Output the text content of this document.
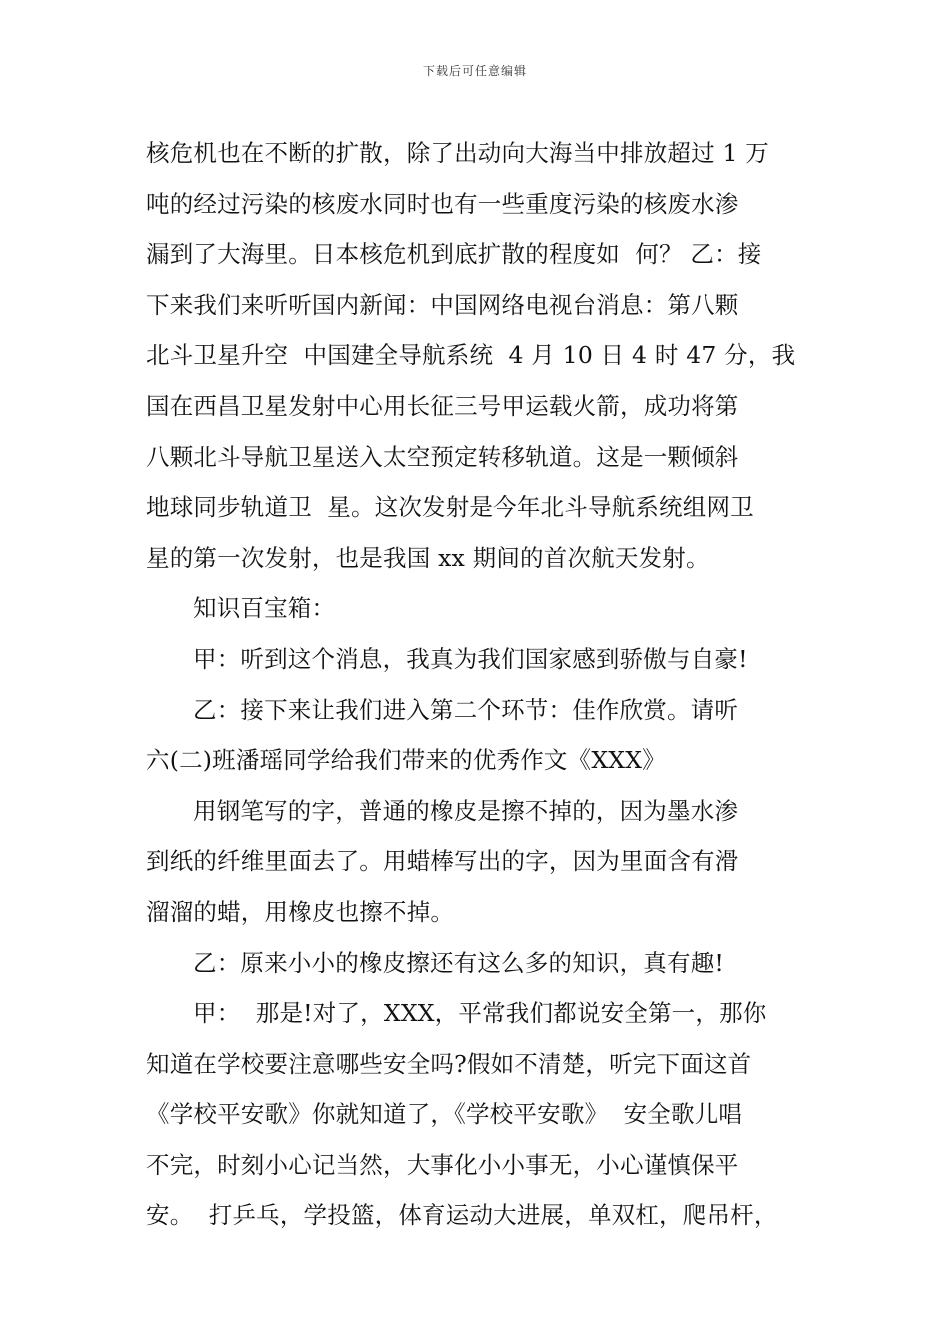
下载后可任意编辑

核危机也在不断的扩散，除了出动向大海当中排放超过 1 万
吨的经过污染的核废水同时也有一些重度污染的核废水渗
漏到了大海里。日本核危机到底扩散的程度如  何？ 乙：接
下来我们来听听国内新闻：中国网络电视台消息：第八颗
北斗卫星升空  中国建全导航系统  4 月 10 日 4 时 47 分，我
国在西昌卫星发射中心用长征三号甲运载火箭，成功将第
八颗北斗导航卫星送入太空预定转移轨道。这是一颗倾斜
地球同步轨道卫  星。这次发射是今年北斗导航系统组网卫
星的第一次发射，也是我国 xx 期间的首次航天发射。

知识百宝箱：

甲：听到这个消息，我真为我们国家感到骄傲与自豪!

乙：接下来让我们进入第二个环节：佳作欣赏。请听
六(二)班潘瑶同学给我们带来的优秀作文《XXX》

用钢笔写的字，普通的橡皮是擦不掉的，因为墨水渗
到纸的纤维里面去了。用蜡棒写出的字，因为里面含有滑
溜溜的蜡，用橡皮也擦不掉。

乙：原来小小的橡皮擦还有这么多的知识，真有趣!

甲：  那是!对了，XXX，平常我们都说安全第一，那你
知道在学校要注意哪些安全吗?假如不清楚，听完下面这首
《学校平安歌》你就知道了，《学校平安歌》  安全歌儿唱
不完，时刻小心记当然，大事化小小事无，小心谨慎保平
安。  打乒乓，学投篮，体育运动大进展，单双杠，爬吊杆，
